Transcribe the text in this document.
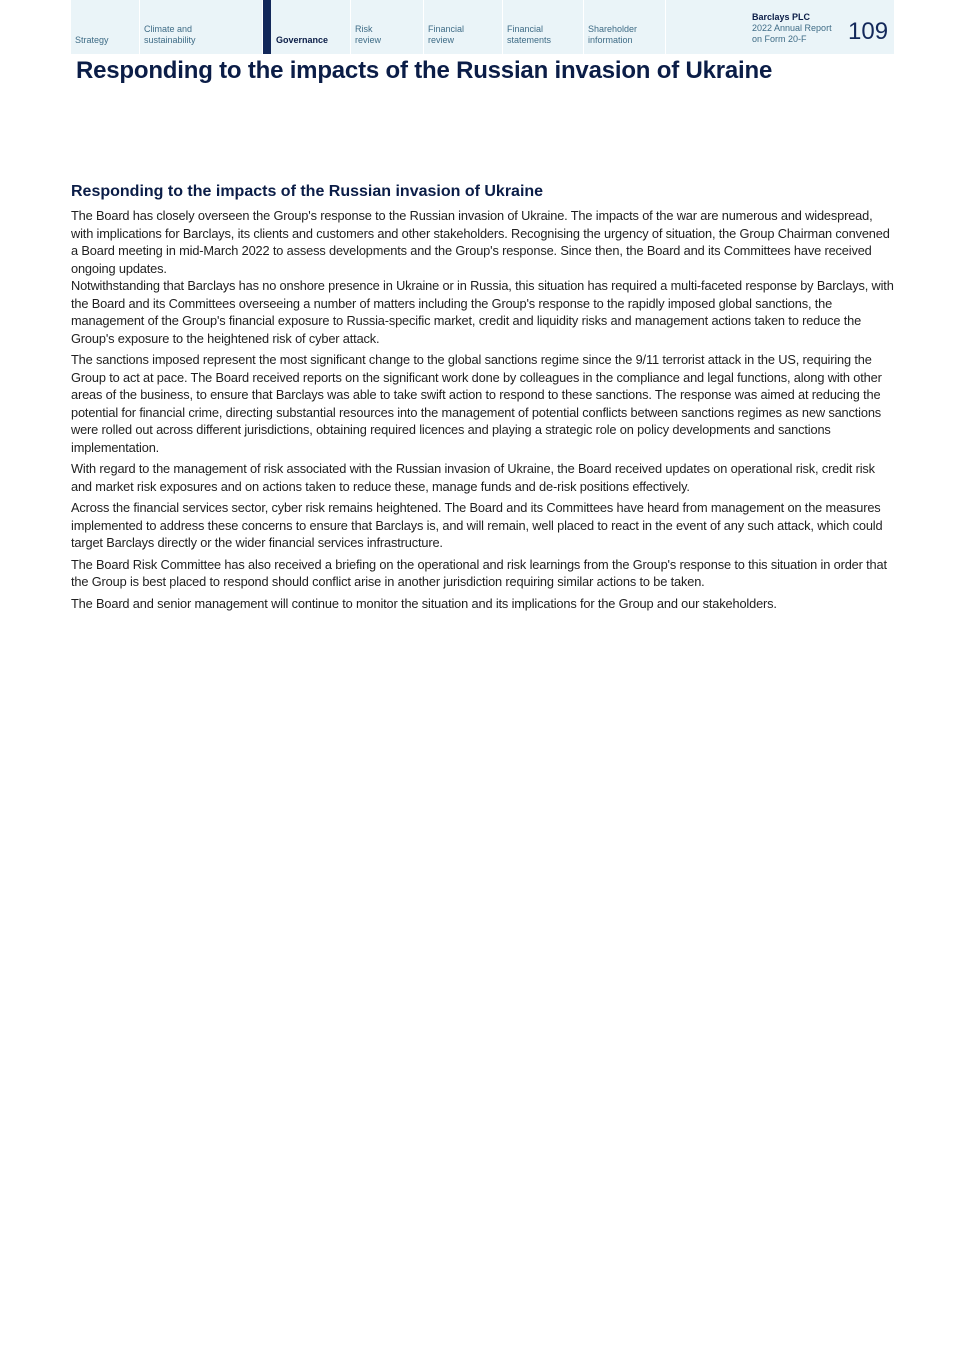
Strategy
Climate and
sustainability	Governance
Risk
review
Financial
review
Financial
statements
Shareholder
information
Barclays PLC
2022 Annual Report
on Form 20-F	109
Responding to the impacts of the Russian invasion of Ukraine
Responding to the impacts of the Russian invasion of Ukraine

The Board has closely overseen the Group's response to the Russian invasion of Ukraine. The impacts of the war are numerous and widespread, with implications for Barclays, its clients and customers and other stakeholders. Recognising the urgency of situation, the Group Chairman convened a Board meeting in mid-March 2022 to assess developments and the Group's response. Since then, the Board and its Committees have received ongoing updates.

Notwithstanding that Barclays has no onshore presence in Ukraine or in Russia, this situation has required a multi-faceted response by Barclays, with the Board and its Committees overseeing a number of matters including the Group's response to the rapidly imposed global sanctions, the management of the Group's financial exposure to Russia-specific market, credit and liquidity risks and management actions taken to reduce the Group's exposure to the heightened risk of cyber attack.

The sanctions imposed represent the most significant change to the global sanctions regime since the 9/11 terrorist attack in the US, requiring the Group to act at pace. The Board received reports on the significant work done by colleagues in the compliance and legal functions, along with other areas of the business, to ensure that Barclays was able to take swift action to respond to these sanctions. The response was aimed at reducing the potential for financial crime, directing substantial resources into the management of potential conflicts between sanctions regimes as new sanctions were rolled out across different jurisdictions, obtaining required licences and playing a strategic role on policy developments and sanctions implementation.

With regard to the management of risk associated with the Russian invasion of Ukraine, the Board received updates on operational risk, credit risk and market risk exposures and on actions taken to reduce these, manage funds and de-risk positions effectively.

Across the financial services sector, cyber risk remains heightened. The Board and its Committees have heard from management on the measures implemented to address these concerns to ensure that Barclays is, and will remain, well placed to react in the event of any such attack, which could target Barclays directly or the wider financial services infrastructure.

The Board Risk Committee has also received a briefing on the operational and risk learnings from the Group's response to this situation in order that the Group is best placed to respond should conflict arise in another jurisdiction requiring similar actions to be taken.

The Board and senior management will continue to monitor the situation and its implications for the Group and our stakeholders.
